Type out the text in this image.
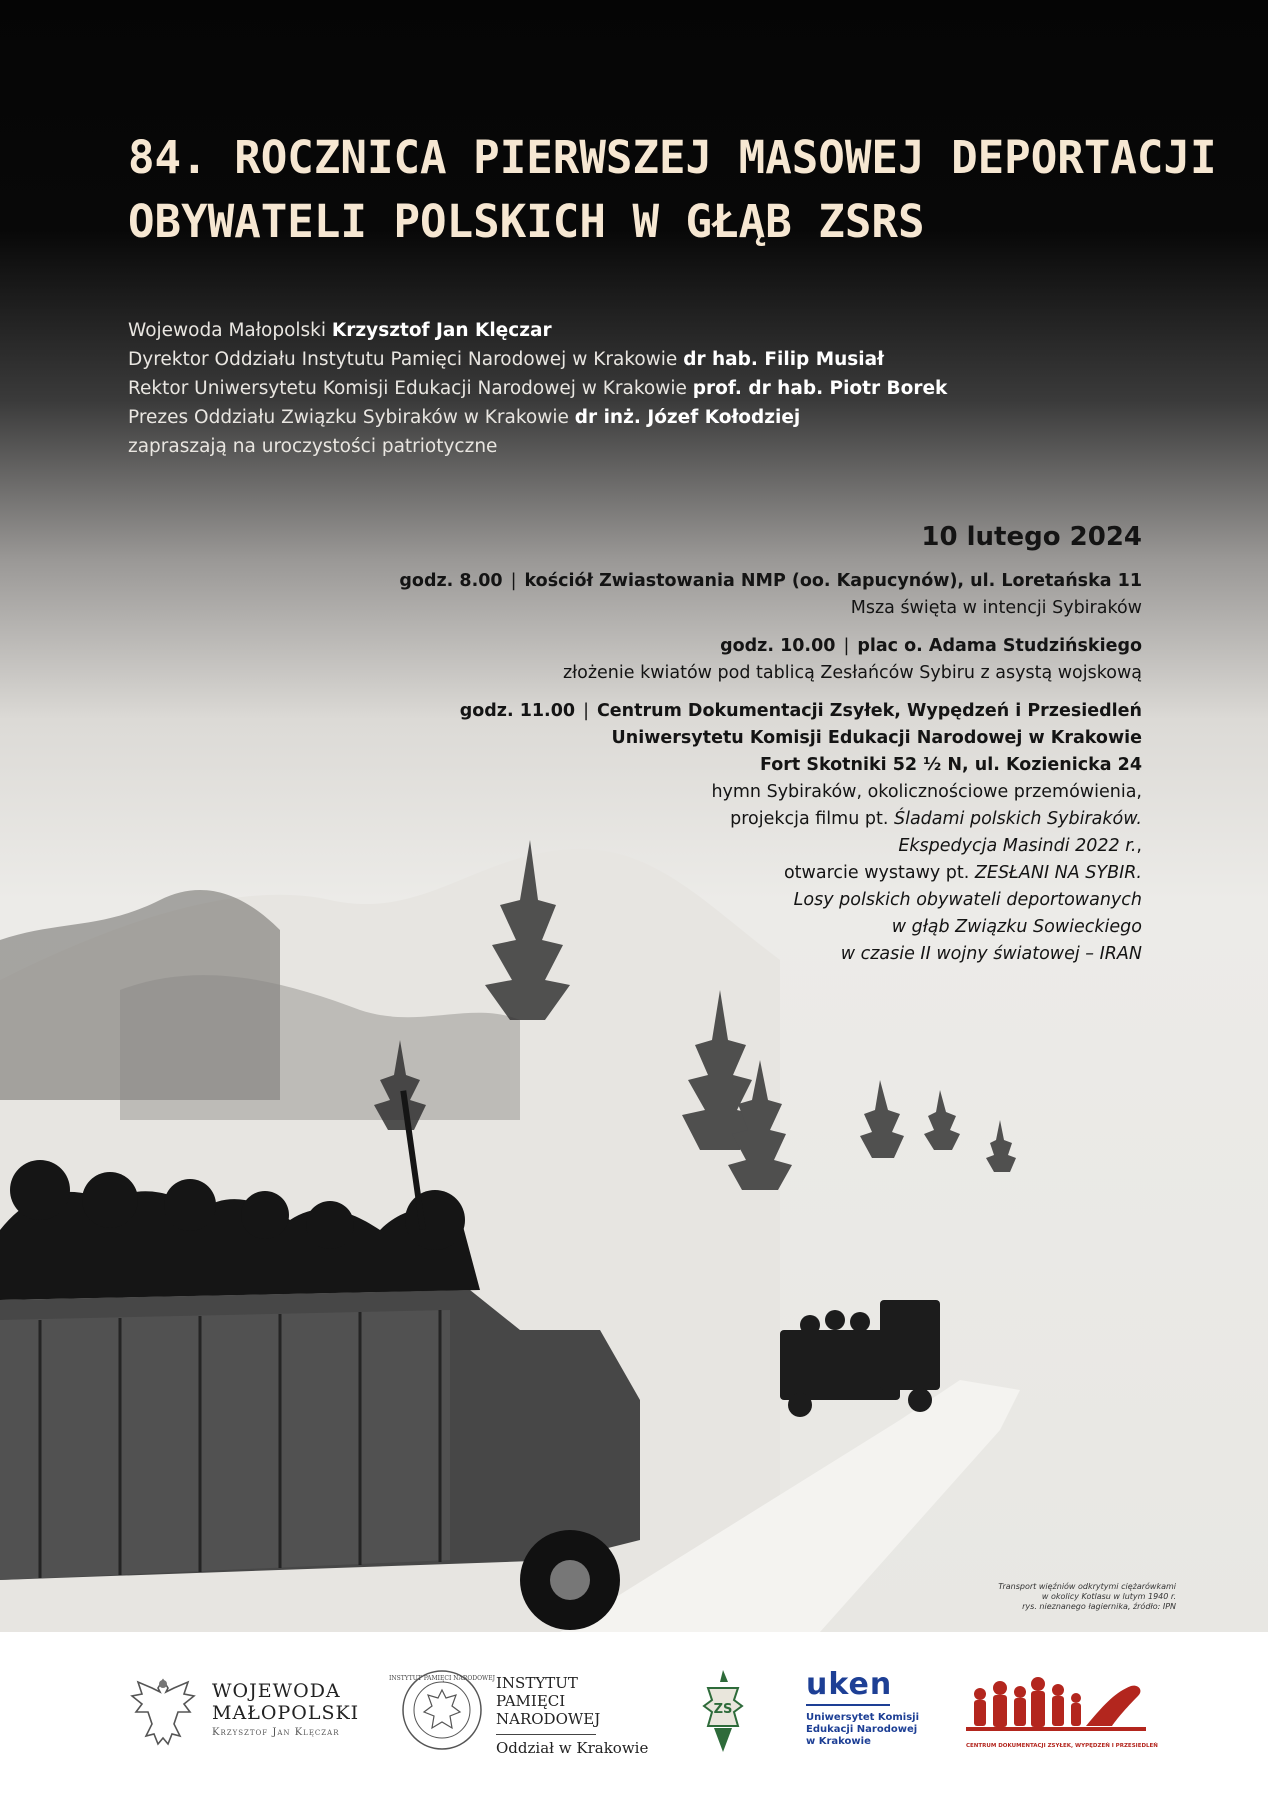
84. ROCZNICA PIERWSZEJ MASOWEJ DEPORTACJI
OBYWATELI POLSKICH W GŁĄB ZSRS
Wojewoda Małopolski Krzysztof Jan Klęczar
Dyrektor Oddziału Instytutu Pamięci Narodowej w Krakowie dr hab. Filip Musiał
Rektor Uniwersytetu Komisji Edukacji Narodowej w Krakowie prof. dr hab. Piotr Borek
Prezes Oddziału Związku Sybiraków w Krakowie dr inż. Józef Kołodziej
zapraszają na uroczystości patriotyczne
10 lutego 2024
godz. 8.00 | kościół Zwiastowania NMP (oo. Kapucynów), ul. Loretańska 11
Msza święta w intencji Sybiraków
godz. 10.00 | plac o. Adama Studzińskiego
złożenie kwiatów pod tablicą Zesłańców Sybiru z asystą wojskową
godz. 11.00 | Centrum Dokumentacji Zsyłek, Wypędzeń i Przesiedleń
Uniwersytetu Komisji Edukacji Narodowej w Krakowie
Fort Skotniki 52 ½ N, ul. Kozienicka 24
hymn Sybiraków, okolicznościowe przemówienia,
projekcja filmu pt. Śladami polskich Sybiraków.
Ekspedycja Masindi 2022 r.,
otwarcie wystawy pt. ZESŁANI NA SYBIR.
Losy polskich obywateli deportowanych
w głąb Związku Sowieckiego
w czasie II wojny światowej – IRAN
Transport więźniów odkrytymi ciężarówkami
w okolicy Kotlasu w lutym 1940 r.
rys. nieznanego łagiernika, źródło: IPN
WOJEWODA
MAŁOPOLSKI
Krzysztof Jan Klęczar
INSTYTUT PAMIĘCI NARODOWEJ INSTYTUT PAMIĘCI
NARODOWEJ
Oddział w Krakowie
ZS
uken
Uniwersytet Komisji
Edukacji Narodowej
w Krakowie	CENTRUM DOKUMENTACJI ZSYŁEK, WYPĘDZEŃ I PRZESIEDLEŃ
